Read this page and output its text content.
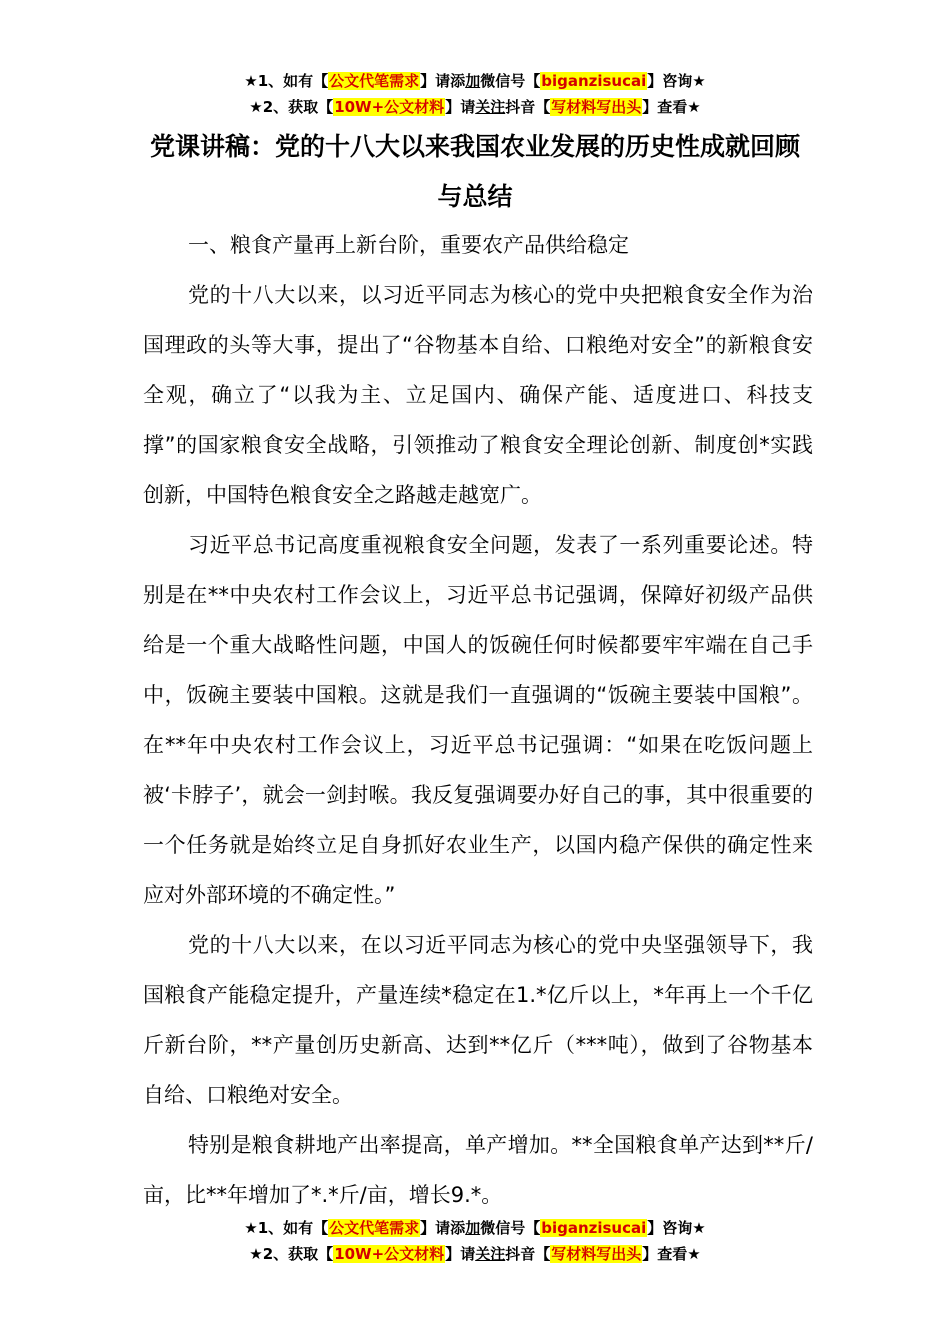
★1、如有【公文代笔需求】请添加微信号【biganzisucai】咨询★
★2、获取【10W+公文材料】请关注抖音【写材料写出头】查看★
党课讲稿：党的十八大以来我国农业发展的历史性成就回顾与总结

一、粮食产量再上新台阶，重要农产品供给稳定

党的十八大以来，以习近平同志为核心的党中央把粮食安全作为治国理政的头等大事，提出了“谷物基本自给、口粮绝对安全”的新粮食安全观，确立了“以我为主、立足国内、确保产能、适度进口、科技支撑”的国家粮食安全战略，引领推动了粮食安全理论创新、制度创*实践创新，中国特色粮食安全之路越走越宽广。

习近平总书记高度重视粮食安全问题，发表了一系列重要论述。特别是在**中央农村工作会议上，习近平总书记强调，保障好初级产品供给是一个重大战略性问题，中国人的饭碗任何时候都要牢牢端在自己手中，饭碗主要装中国粮。这就是我们一直强调的“饭碗主要装中国粮”。在**年中央农村工作会议上，习近平总书记强调：“如果在吃饭问题上被‘卡脖子’，就会一剑封喉。我反复强调要办好自己的事，其中很重要的一个任务就是始终立足自身抓好农业生产，以国内稳产保供的确定性来应对外部环境的不确定性。”

党的十八大以来，在以习近平同志为核心的党中央坚强领导下，我国粮食产能稳定提升，产量连续*稳定在1.*亿斤以上，*年再上一个千亿斤新台阶，**产量创历史新高、达到**亿斤（***吨），做到了谷物基本自给、口粮绝对安全。

特别是粮食耕地产出率提高，单产增加。**全国粮食单产达到**斤/亩，比**年增加了*.*斤/亩，增长9.*。

★1、如有【公文代笔需求】请添加微信号【biganzisucai】咨询★
★2、获取【10W+公文材料】请关注抖音【写材料写出头】查看★
